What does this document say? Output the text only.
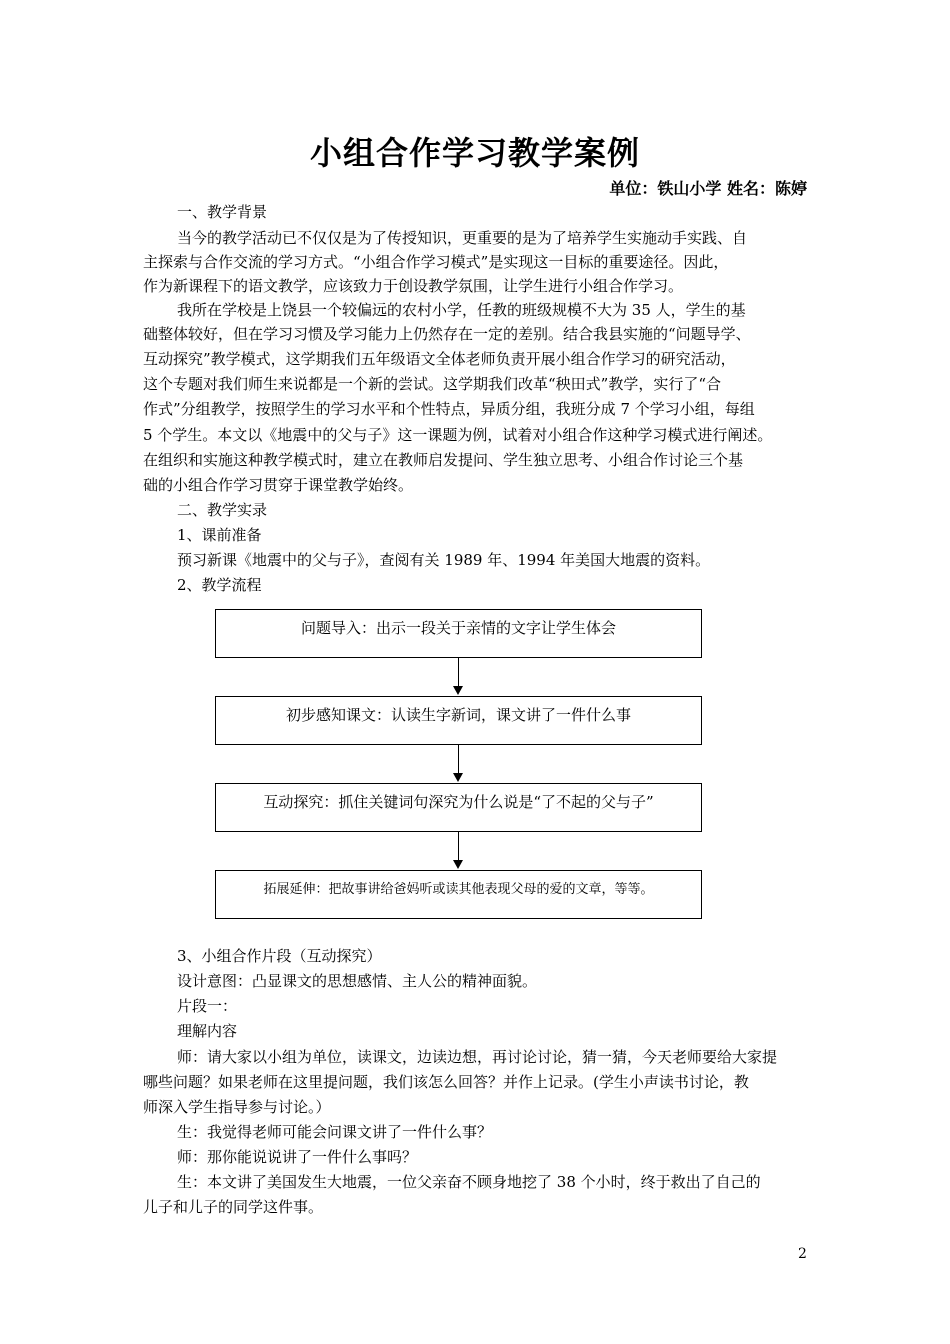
小组合作学习教学案例
单位：铁山小学 姓名：陈婷
一、教学背景
当今的教学活动已不仅仅是为了传授知识，更重要的是为了培养学生实施动手实践、自
主探索与合作交流的学习方式。“小组合作学习模式”是实现这一目标的重要途径。因此，
作为新课程下的语文教学，应该致力于创设教学氛围，让学生进行小组合作学习。
我所在学校是上饶县一个较偏远的农村小学，任教的班级规模不大为 35 人，学生的基
础整体较好，但在学习习惯及学习能力上仍然存在一定的差别。结合我县实施的“问题导学、
互动探究”教学模式，这学期我们五年级语文全体老师负责开展小组合作学习的研究活动，
这个专题对我们师生来说都是一个新的尝试。这学期我们改革“秧田式”教学，实行了“合
作式”分组教学，按照学生的学习水平和个性特点，异质分组，我班分成 7 个学习小组，每组
5 个学生。本文以《地震中的父与子》这一课题为例，试着对小组合作这种学习模式进行阐述。
在组织和实施这种教学模式时，建立在教师启发提问、学生独立思考、小组合作讨论三个基
础的小组合作学习贯穿于课堂教学始终。
二、教学实录
1、课前准备
预习新课《地震中的父与子》，查阅有关 1989 年、1994 年美国大地震的资料。
2、教学流程
问题导入：出示一段关于亲情的文字让学生体会
初步感知课文：认读生字新词，课文讲了一件什么事
互动探究：抓住关键词句深究为什么说是“了不起的父与子”
拓展延伸：把故事讲给爸妈听或读其他表现父母的爱的文章，等等。
3、小组合作片段（互动探究）
设计意图：凸显课文的思想感情、主人公的精神面貌。
片段一：
理解内容
师：请大家以小组为单位，读课文，边读边想，再讨论讨论，猜一猜，今天老师要给大家提
哪些问题？如果老师在这里提问题，我们该怎么回答？并作上记录。(学生小声读书讨论，教
师深入学生指导参与讨论。）
生：我觉得老师可能会问课文讲了一件什么事？
师：那你能说说讲了一件什么事吗？
生：本文讲了美国发生大地震，一位父亲奋不顾身地挖了 38 个小时，终于救出了自己的
儿子和儿子的同学这件事。
2
